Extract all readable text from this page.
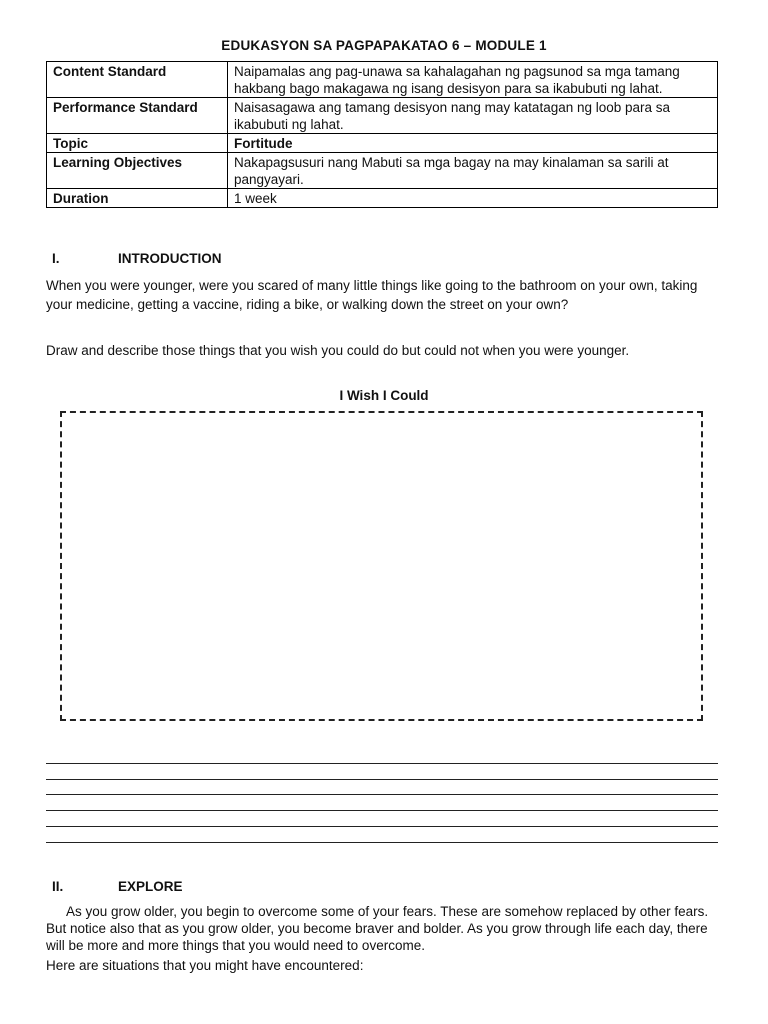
EDUKASYON SA PAGPAPAKATAO 6 – MODULE 1
Content Standard	Naipamalas ang pag-unawa sa kahalagahan ng pagsunod sa mga tamang hakbang bago makagawa ng isang desisyon para sa ikabubuti ng lahat.
Performance Standard	Naisasagawa ang tamang desisyon nang may katatagan ng loob para sa ikabubuti ng lahat.
Topic	Fortitude
Learning Objectives	Nakapagsusuri nang Mabuti sa mga bagay na may kinalaman sa sarili at pangyayari.
Duration	1 week
I.	INTRODUCTION
When you were younger, were you scared of many little things like going to the bathroom on your own, taking your medicine, getting a vaccine, riding a bike, or walking down the street on your own?
Draw and describe those things that you wish you could do but could not when you were younger.
I Wish I Could
II.	EXPLORE
As you grow older, you begin to overcome some of your fears. These are somehow replaced by other fears. But notice also that as you grow older, you become braver and bolder. As you grow through life each day, there will be more and more things that you would need to overcome.
Here are situations that you might have encountered:
